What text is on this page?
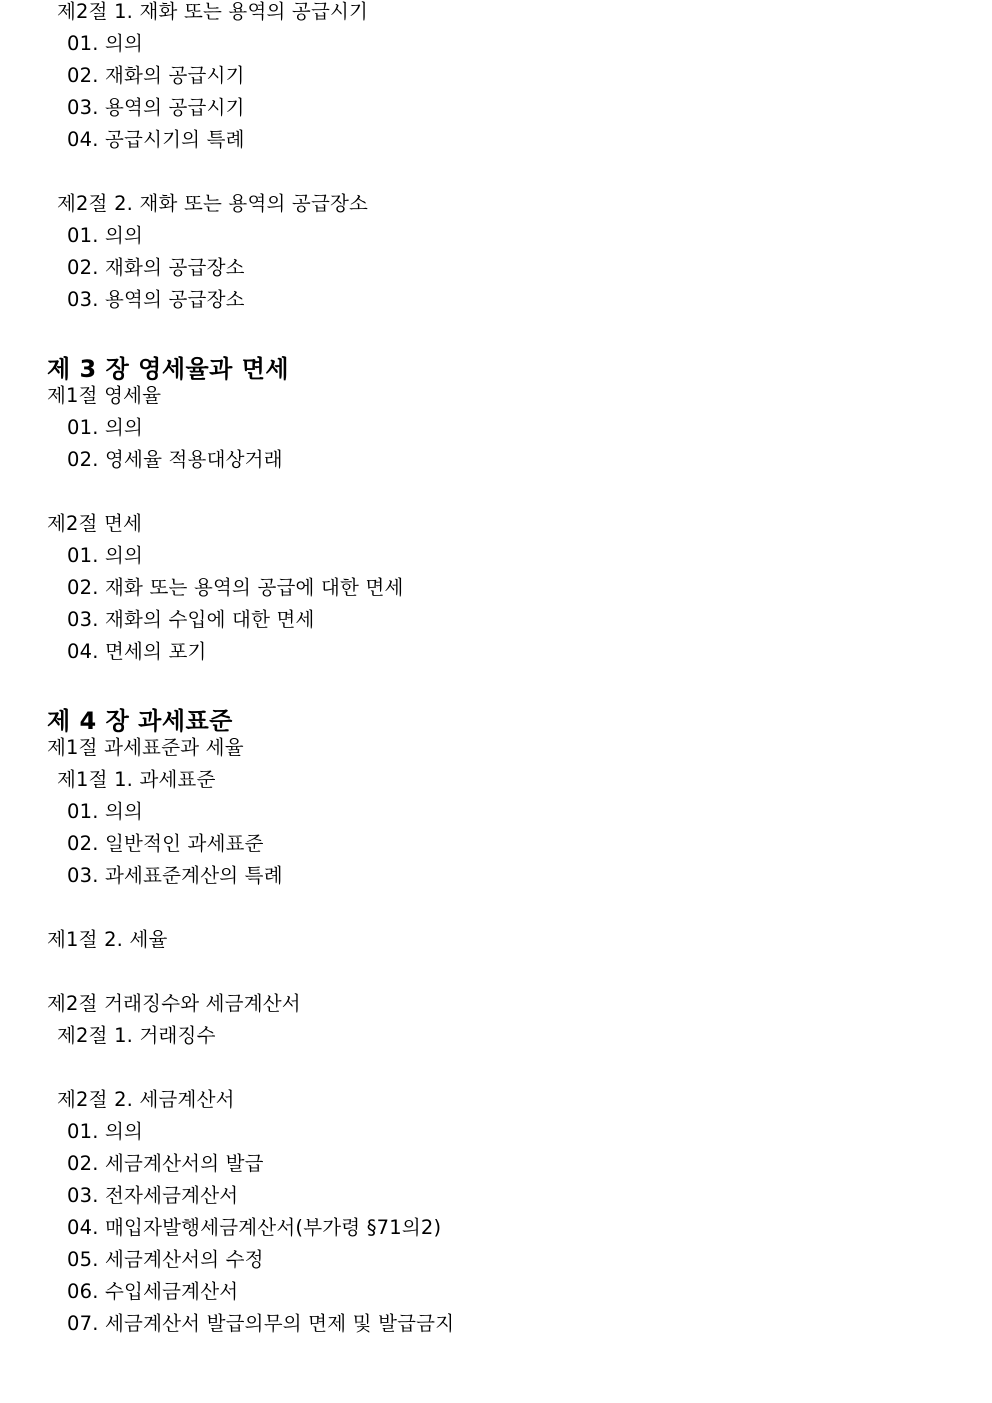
제2절 1. 재화 또는 용역의 공급시기
01. 의의
02. 재화의 공급시기
03. 용역의 공급시기
04. 공급시기의 특례
제2절 2. 재화 또는 용역의 공급장소
01. 의의
02. 재화의 공급장소
03. 용역의 공급장소
제 3 장 영세율과 면세
제1절 영세율
01. 의의
02. 영세율 적용대상거래
제2절 면세
01. 의의
02. 재화 또는 용역의 공급에 대한 면세
03. 재화의 수입에 대한 면세
04. 면세의 포기
제 4 장 과세표준
제1절 과세표준과 세율
제1절 1. 과세표준
01. 의의
02. 일반적인 과세표준
03. 과세표준계산의 특례
제1절 2. 세율
제2절 거래징수와 세금계산서
제2절 1. 거래징수
제2절 2. 세금계산서
01. 의의
02. 세금계산서의 발급
03. 전자세금계산서
04. 매입자발행세금계산서(부가령 §71의2)
05. 세금계산서의 수정
06. 수입세금계산서
07. 세금계산서 발급의무의 면제 및 발급금지
